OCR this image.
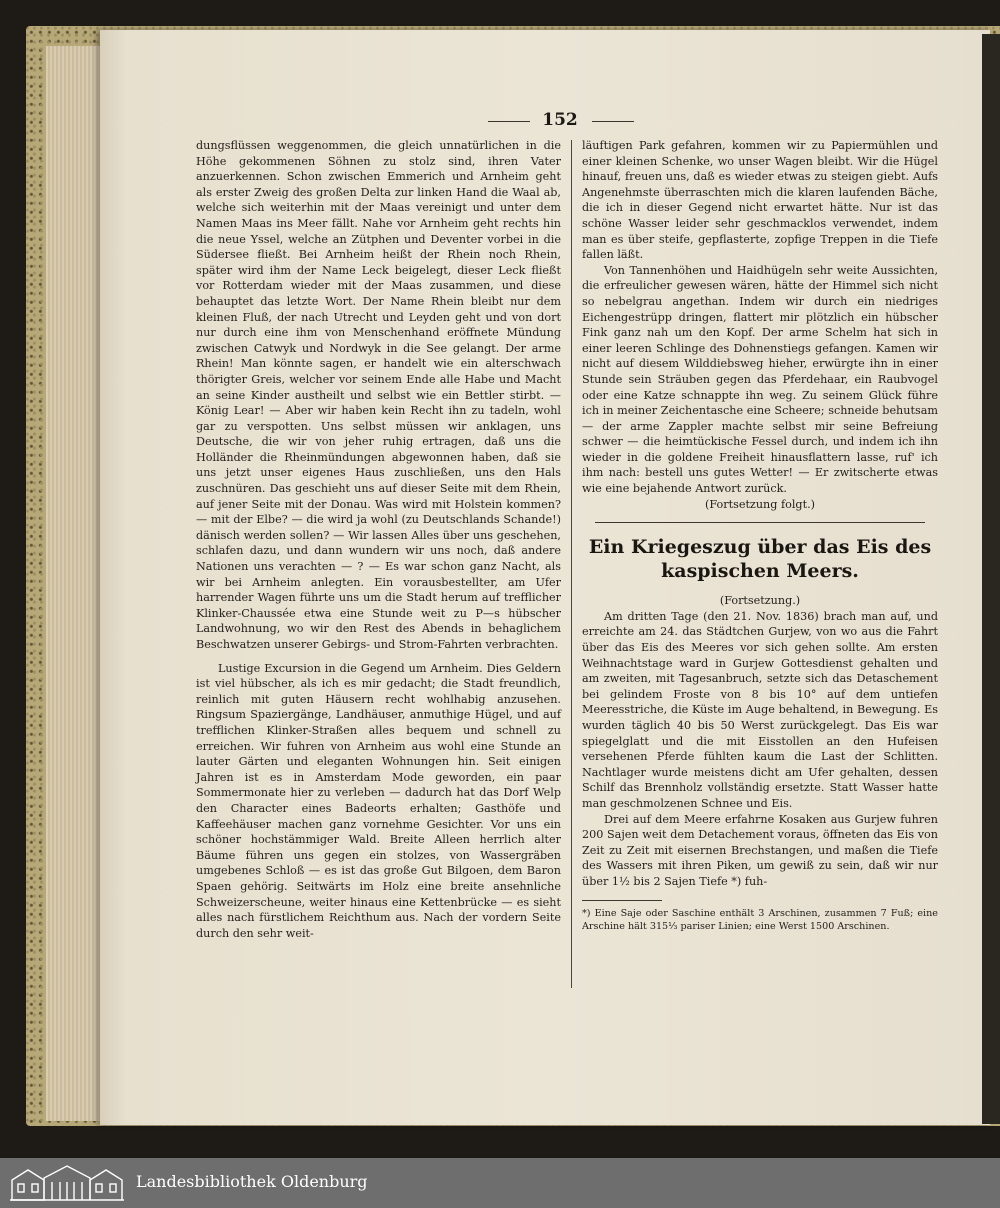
152

dungsflüssen weggenommen, die gleich unnatürlichen in die Höhe gekommenen Söhnen zu stolz sind, ihren Vater anzuerkennen. Schon zwischen Emmerich und Arnheim geht als erster Zweig des großen Delta zur linken Hand die Waal ab, welche sich weiterhin mit der Maas vereinigt und unter dem Namen Maas ins Meer fällt. Nahe vor Arnheim geht rechts hin die neue Yssel, welche an Zütphen und Deventer vorbei in die Südersee fließt. Bei Arnheim heißt der Rhein noch Rhein, später wird ihm der Name Leck beigelegt, dieser Leck fließt vor Rotterdam wieder mit der Maas zusammen, und diese behauptet das letzte Wort. Der Name Rhein bleibt nur dem kleinen Fluß, der nach Utrecht und Leyden geht und von dort nur durch eine ihm von Menschenhand eröffnete Mündung zwischen Catwyk und Nordwyk in die See gelangt. Der arme Rhein! Man könnte sagen, er handelt wie ein alterschwach thörigter Greis, welcher vor seinem Ende alle Habe und Macht an seine Kinder austheilt und selbst wie ein Bettler stirbt. — König Lear! — Aber wir haben kein Recht ihn zu tadeln, wohl gar zu verspotten. Uns selbst müssen wir anklagen, uns Deutsche, die wir von jeher ruhig ertragen, daß uns die Holländer die Rheinmündungen abgewonnen haben, daß sie uns jetzt unser eigenes Haus zuschließen, uns den Hals zuschnüren. Das geschieht uns auf dieser Seite mit dem Rhein, auf jener Seite mit der Donau. Was wird mit Holstein kommen? — mit der Elbe? — die wird ja wohl (zu Deutschlands Schande!) dänisch werden sollen? — Wir lassen Alles über uns geschehen, schlafen dazu, und dann wundern wir uns noch, daß andere Nationen uns verachten — ? — Es war schon ganz Nacht, als wir bei Arnheim anlegten. Ein vorausbestellter, am Ufer harrender Wagen führte uns um die Stadt herum auf trefflicher Klinker-Chaussée etwa eine Stunde weit zu P—s hübscher Landwohnung, wo wir den Rest des Abends in behaglichem Beschwatzen unserer Gebirgs- und Strom-Fahrten verbrachten.

Lustige Excursion in die Gegend um Arnheim. Dies Geldern ist viel hübscher, als ich es mir gedacht; die Stadt freundlich, reinlich mit guten Häusern recht wohlhabig anzusehen. Ringsum Spaziergänge, Landhäuser, anmuthige Hügel, und auf trefflichen Klinker-Straßen alles bequem und schnell zu erreichen. Wir fuhren von Arnheim aus wohl eine Stunde an lauter Gärten und eleganten Wohnungen hin. Seit einigen Jahren ist es in Amsterdam Mode geworden, ein paar Sommermonate hier zu verleben — dadurch hat das Dorf Welp den Character eines Badeorts erhalten; Gasthöfe und Kaffeehäuser machen ganz vornehme Gesichter. Vor uns ein schöner hochstämmiger Wald. Breite Alleen herrlich alter Bäume führen uns gegen ein stolzes, von Wassergräben umgebenes Schloß — es ist das große Gut Bilgoen, dem Baron Spaen gehörig. Seitwärts im Holz eine breite ansehnliche Schweizerscheune, weiter hinaus eine Kettenbrücke — es sieht alles nach fürstlichem Reichthum aus. Nach der vordern Seite durch den sehr weit-

läuftigen Park gefahren, kommen wir zu Papiermühlen und einer kleinen Schenke, wo unser Wagen bleibt. Wir die Hügel hinauf, freuen uns, daß es wieder etwas zu steigen giebt. Aufs Angenehmste überraschten mich die klaren laufenden Bäche, die ich in dieser Gegend nicht erwartet hätte. Nur ist das schöne Wasser leider sehr geschmacklos verwendet, indem man es über steife, gepflasterte, zopfige Treppen in die Tiefe fallen läßt.

Von Tannenhöhen und Haidhügeln sehr weite Aussichten, die erfreulicher gewesen wären, hätte der Himmel sich nicht so nebelgrau angethan. Indem wir durch ein niedriges Eichengestrüpp dringen, flattert mir plötzlich ein hübscher Fink ganz nah um den Kopf. Der arme Schelm hat sich in einer leeren Schlinge des Dohnenstiegs gefangen. Kamen wir nicht auf diesem Wilddiebsweg hieher, erwürgte ihn in einer Stunde sein Sträuben gegen das Pferdehaar, ein Raubvogel oder eine Katze schnappte ihn weg. Zu seinem Glück führe ich in meiner Zeichentasche eine Scheere; schneide behutsam — der arme Zappler machte selbst mir seine Befreiung schwer — die heimtückische Fessel durch, und indem ich ihn wieder in die goldene Freiheit hinausflattern lasse, ruf' ich ihm nach: bestell uns gutes Wetter! — Er zwitscherte etwas wie eine bejahende Antwort zurück.

(Fortsetzung folgt.)

Ein Kriegeszug über das Eis des kaspischen Meers.

(Fortsetzung.)

Am dritten Tage (den 21. Nov. 1836) brach man auf, und erreichte am 24. das Städtchen Gurjew, von wo aus die Fahrt über das Eis des Meeres vor sich gehen sollte. Am ersten Weihnachtstage ward in Gurjew Gottesdienst gehalten und am zweiten, mit Tagesanbruch, setzte sich das Detaschement bei gelindem Froste von 8 bis 10° auf dem untiefen Meeresstriche, die Küste im Auge behaltend, in Bewegung. Es wurden täglich 40 bis 50 Werst zurückgelegt. Das Eis war spiegelglatt und die mit Eisstollen an den Hufeisen versehenen Pferde fühlten kaum die Last der Schlitten. Nachtlager wurde meistens dicht am Ufer gehalten, dessen Schilf das Brennholz vollständig ersetzte. Statt Wasser hatte man geschmolzenen Schnee und Eis.

Drei auf dem Meere erfahrne Kosaken aus Gurjew fuhren 200 Sajen weit dem Detachement voraus, öffneten das Eis von Zeit zu Zeit mit eisernen Brechstangen, und maßen die Tiefe des Wassers mit ihren Piken, um gewiß zu sein, daß wir nur über 1½ bis 2 Sajen Tiefe *) fuh-

*) Eine Saje oder Saschine enthält 3 Arschinen, zusammen 7 Fuß; eine Arschine hält 315⅓ pariser Linien; eine Werst 1500 Arschinen.

Landesbibliothek Oldenburg
